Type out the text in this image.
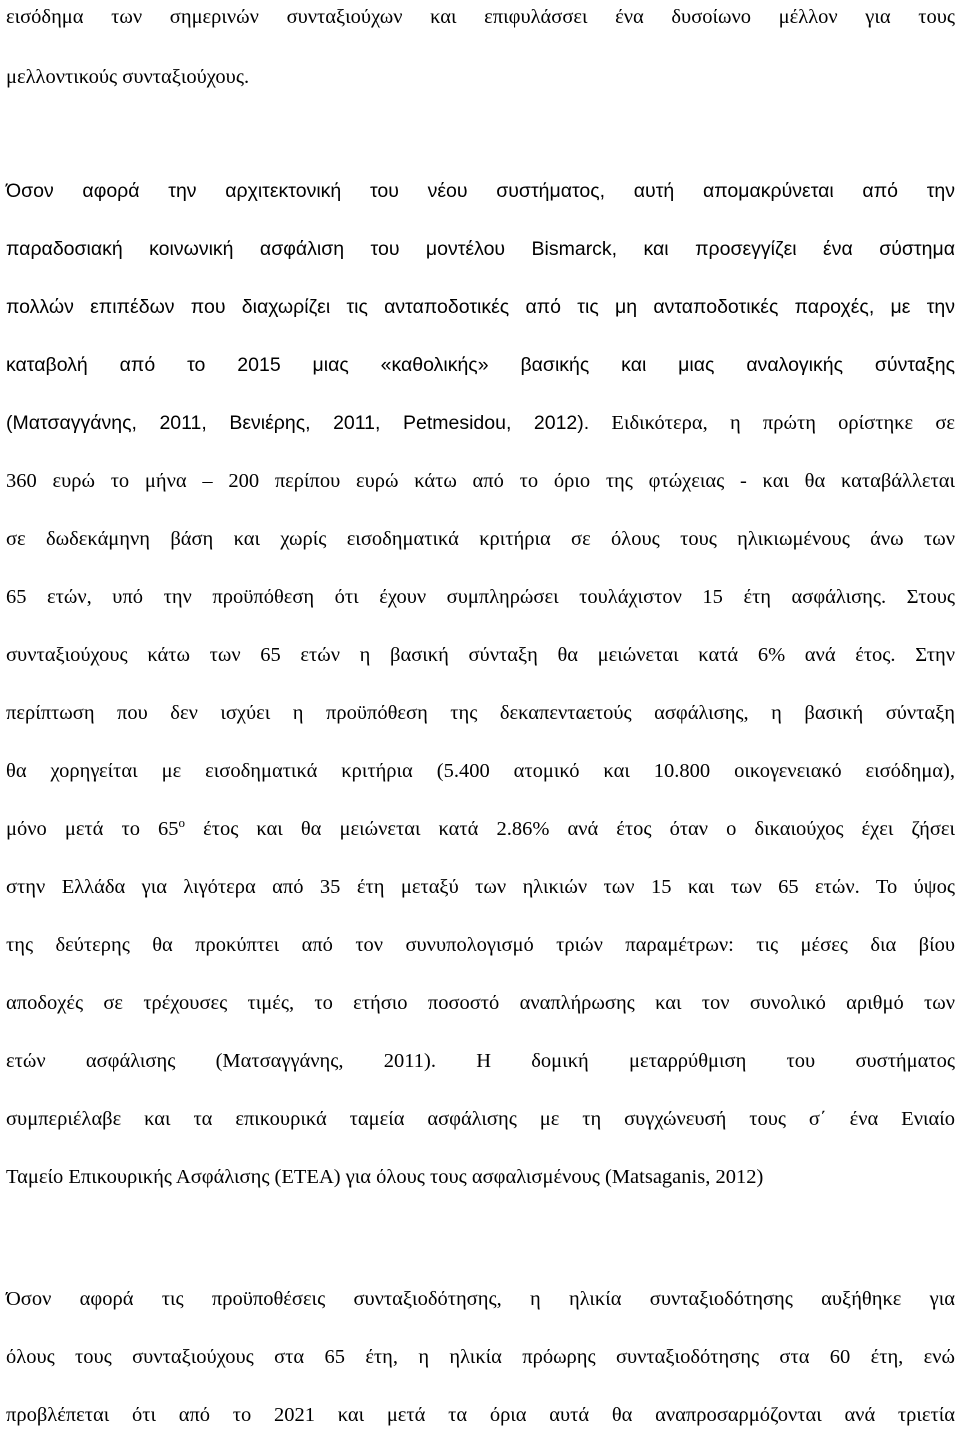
εισόδημα των σημερινών συνταξιούχων και επιφυλάσσει ένα δυσοίωνο μέλλον για τους
μελλοντικούς συνταξιούχους.
Όσον αφορά την αρχιτεκτονική του νέου συστήματος, αυτή απομακρύνεται από την
παραδοσιακή κοινωνική ασφάλιση του μοντέλου Bismarck, και προσεγγίζει ένα σύστημα
πολλών επιπέδων που διαχωρίζει τις ανταποδοτικές από τις μη ανταποδοτικές παροχές, με την
καταβολή από το 2015 μιας «καθολικής» βασικής και μιας αναλογικής σύνταξης
(Ματσαγγάνης, 2011, Βενιέρης, 2011, Petmesidou, 2012). Ειδικότερα, η πρώτη ορίστηκε σε
360 ευρώ το μήνα – 200 περίπου ευρώ κάτω από το όριο της φτώχειας - και θα καταβάλλεται
σε δωδεκάμηνη βάση και χωρίς εισοδηματικά κριτήρια σε όλους τους ηλικιωμένους άνω των
65 ετών, υπό την προϋπόθεση ότι έχουν συμπληρώσει τουλάχιστον 15 έτη ασφάλισης. Στους
συνταξιούχους κάτω των 65 ετών η βασική σύνταξη θα μειώνεται κατά 6% ανά έτος. Στην
περίπτωση που δεν ισχύει η προϋπόθεση της δεκαπενταετούς ασφάλισης, η βασική σύνταξη
θα χορηγείται με εισοδηματικά κριτήρια (5.400 ατομικό και 10.800 οικογενειακό εισόδημα),
μόνο μετά το $65^o$ έτος και θα μειώνεται κατά 2.86% ανά έτος όταν ο δικαιούχος έχει ζήσει
στην Ελλάδα για λιγότερα από 35 έτη μεταξύ των ηλικιών των 15 και των 65 ετών. Το ύψος
της δεύτερης θα προκύπτει από τον συνυπολογισμό τριών παραμέτρων: τις μέσες δια βίου
αποδοχές σε τρέχουσες τιμές, το ετήσιο ποσοστό αναπλήρωσης και τον συνολικό αριθμό των
ετών ασφάλισης (Ματσαγγάνης, 2011). Η δομική μεταρρύθμιση του συστήματος
συμπεριέλαβε και τα επικουρικά ταμεία ασφάλισης με τη συγχώνευσή τους σ΄ ένα Ενιαίο
Ταμείο Επικουρικής Ασφάλισης (ΕΤΕΑ) για όλους τους ασφαλισμένους (Matsaganis, 2012)
Όσον αφορά τις προϋποθέσεις συνταξιοδότησης, η ηλικία συνταξιοδότησης αυξήθηκε για
όλους τους συνταξιούχους στα 65 έτη, η ηλικία πρόωρης συνταξιοδότησης στα 60 έτη, ενώ
προβλέπεται ότι από το 2021 και μετά τα όρια αυτά θα αναπροσαρμόζονται ανά τριετία
